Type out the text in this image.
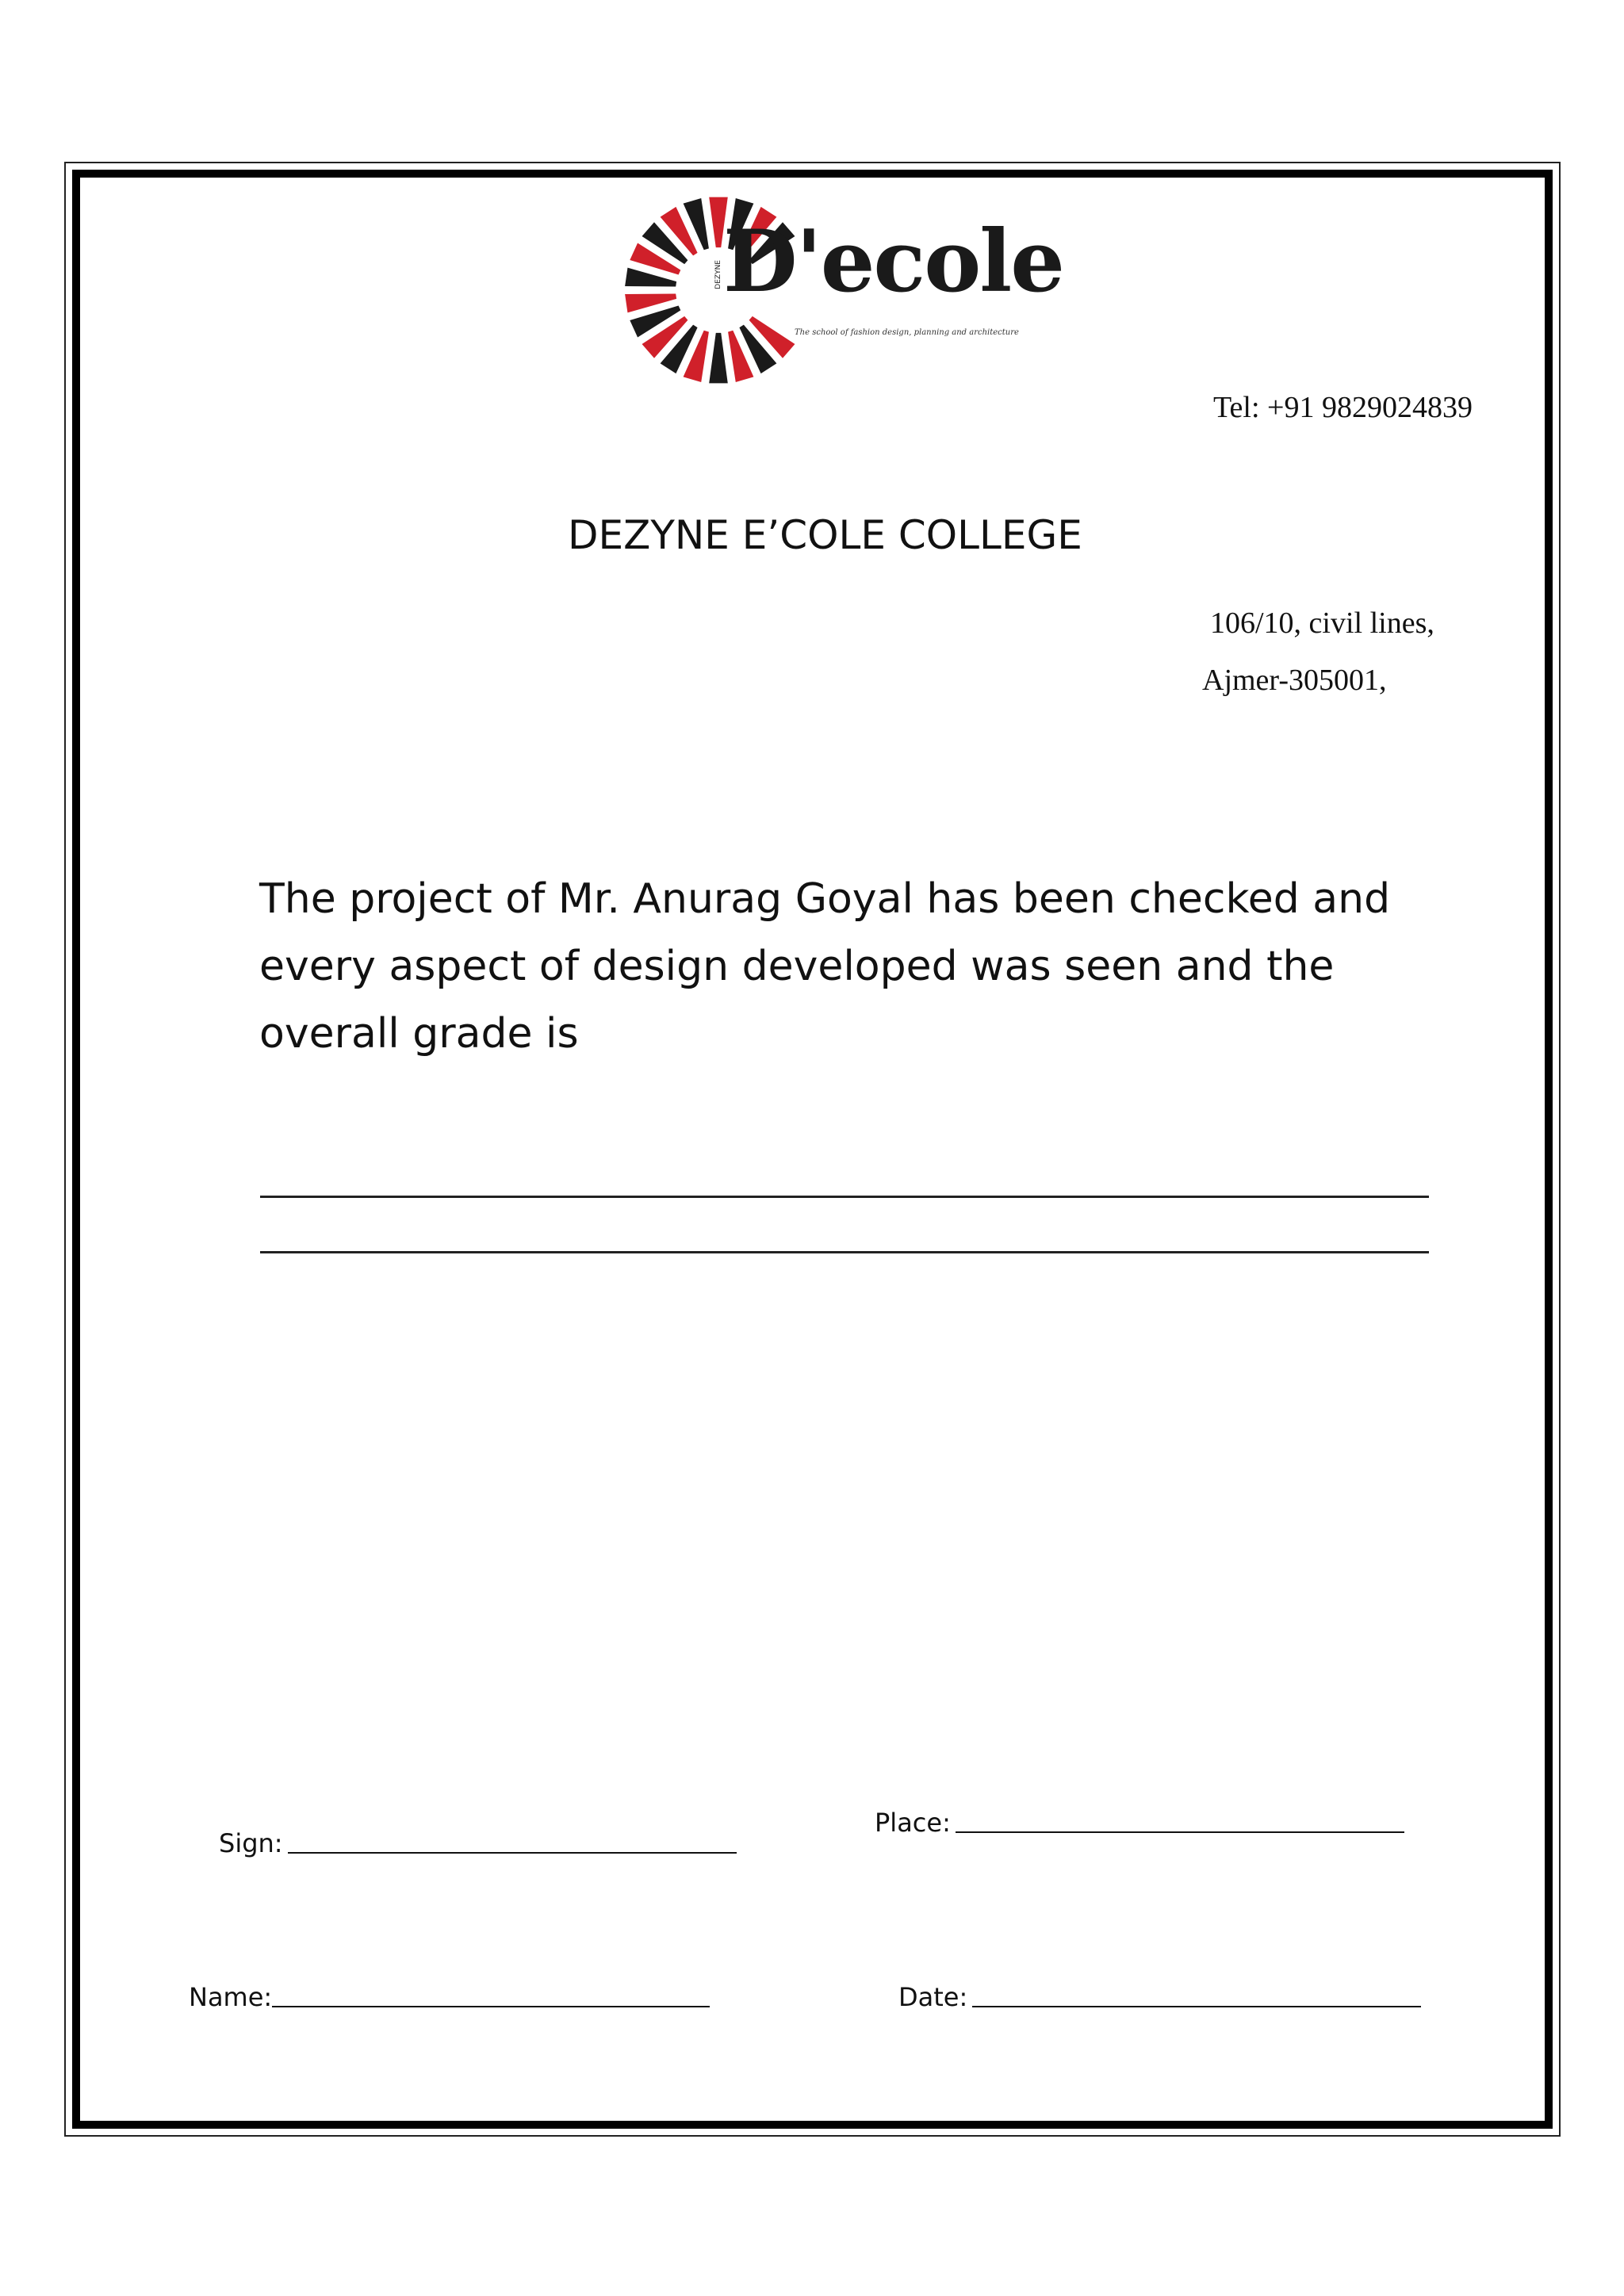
DEZYNE D'ecole
The school of fashion design, planning and architecture
Tel: +91 9829024839
DEZYNE E’COLE COLLEGE
106/10, civil lines,
Ajmer-305001,
The project of Mr. Anurag Goyal has been checked and every aspect of design developed was seen and the overall grade is
Sign:
Place:
Name:	Date:
